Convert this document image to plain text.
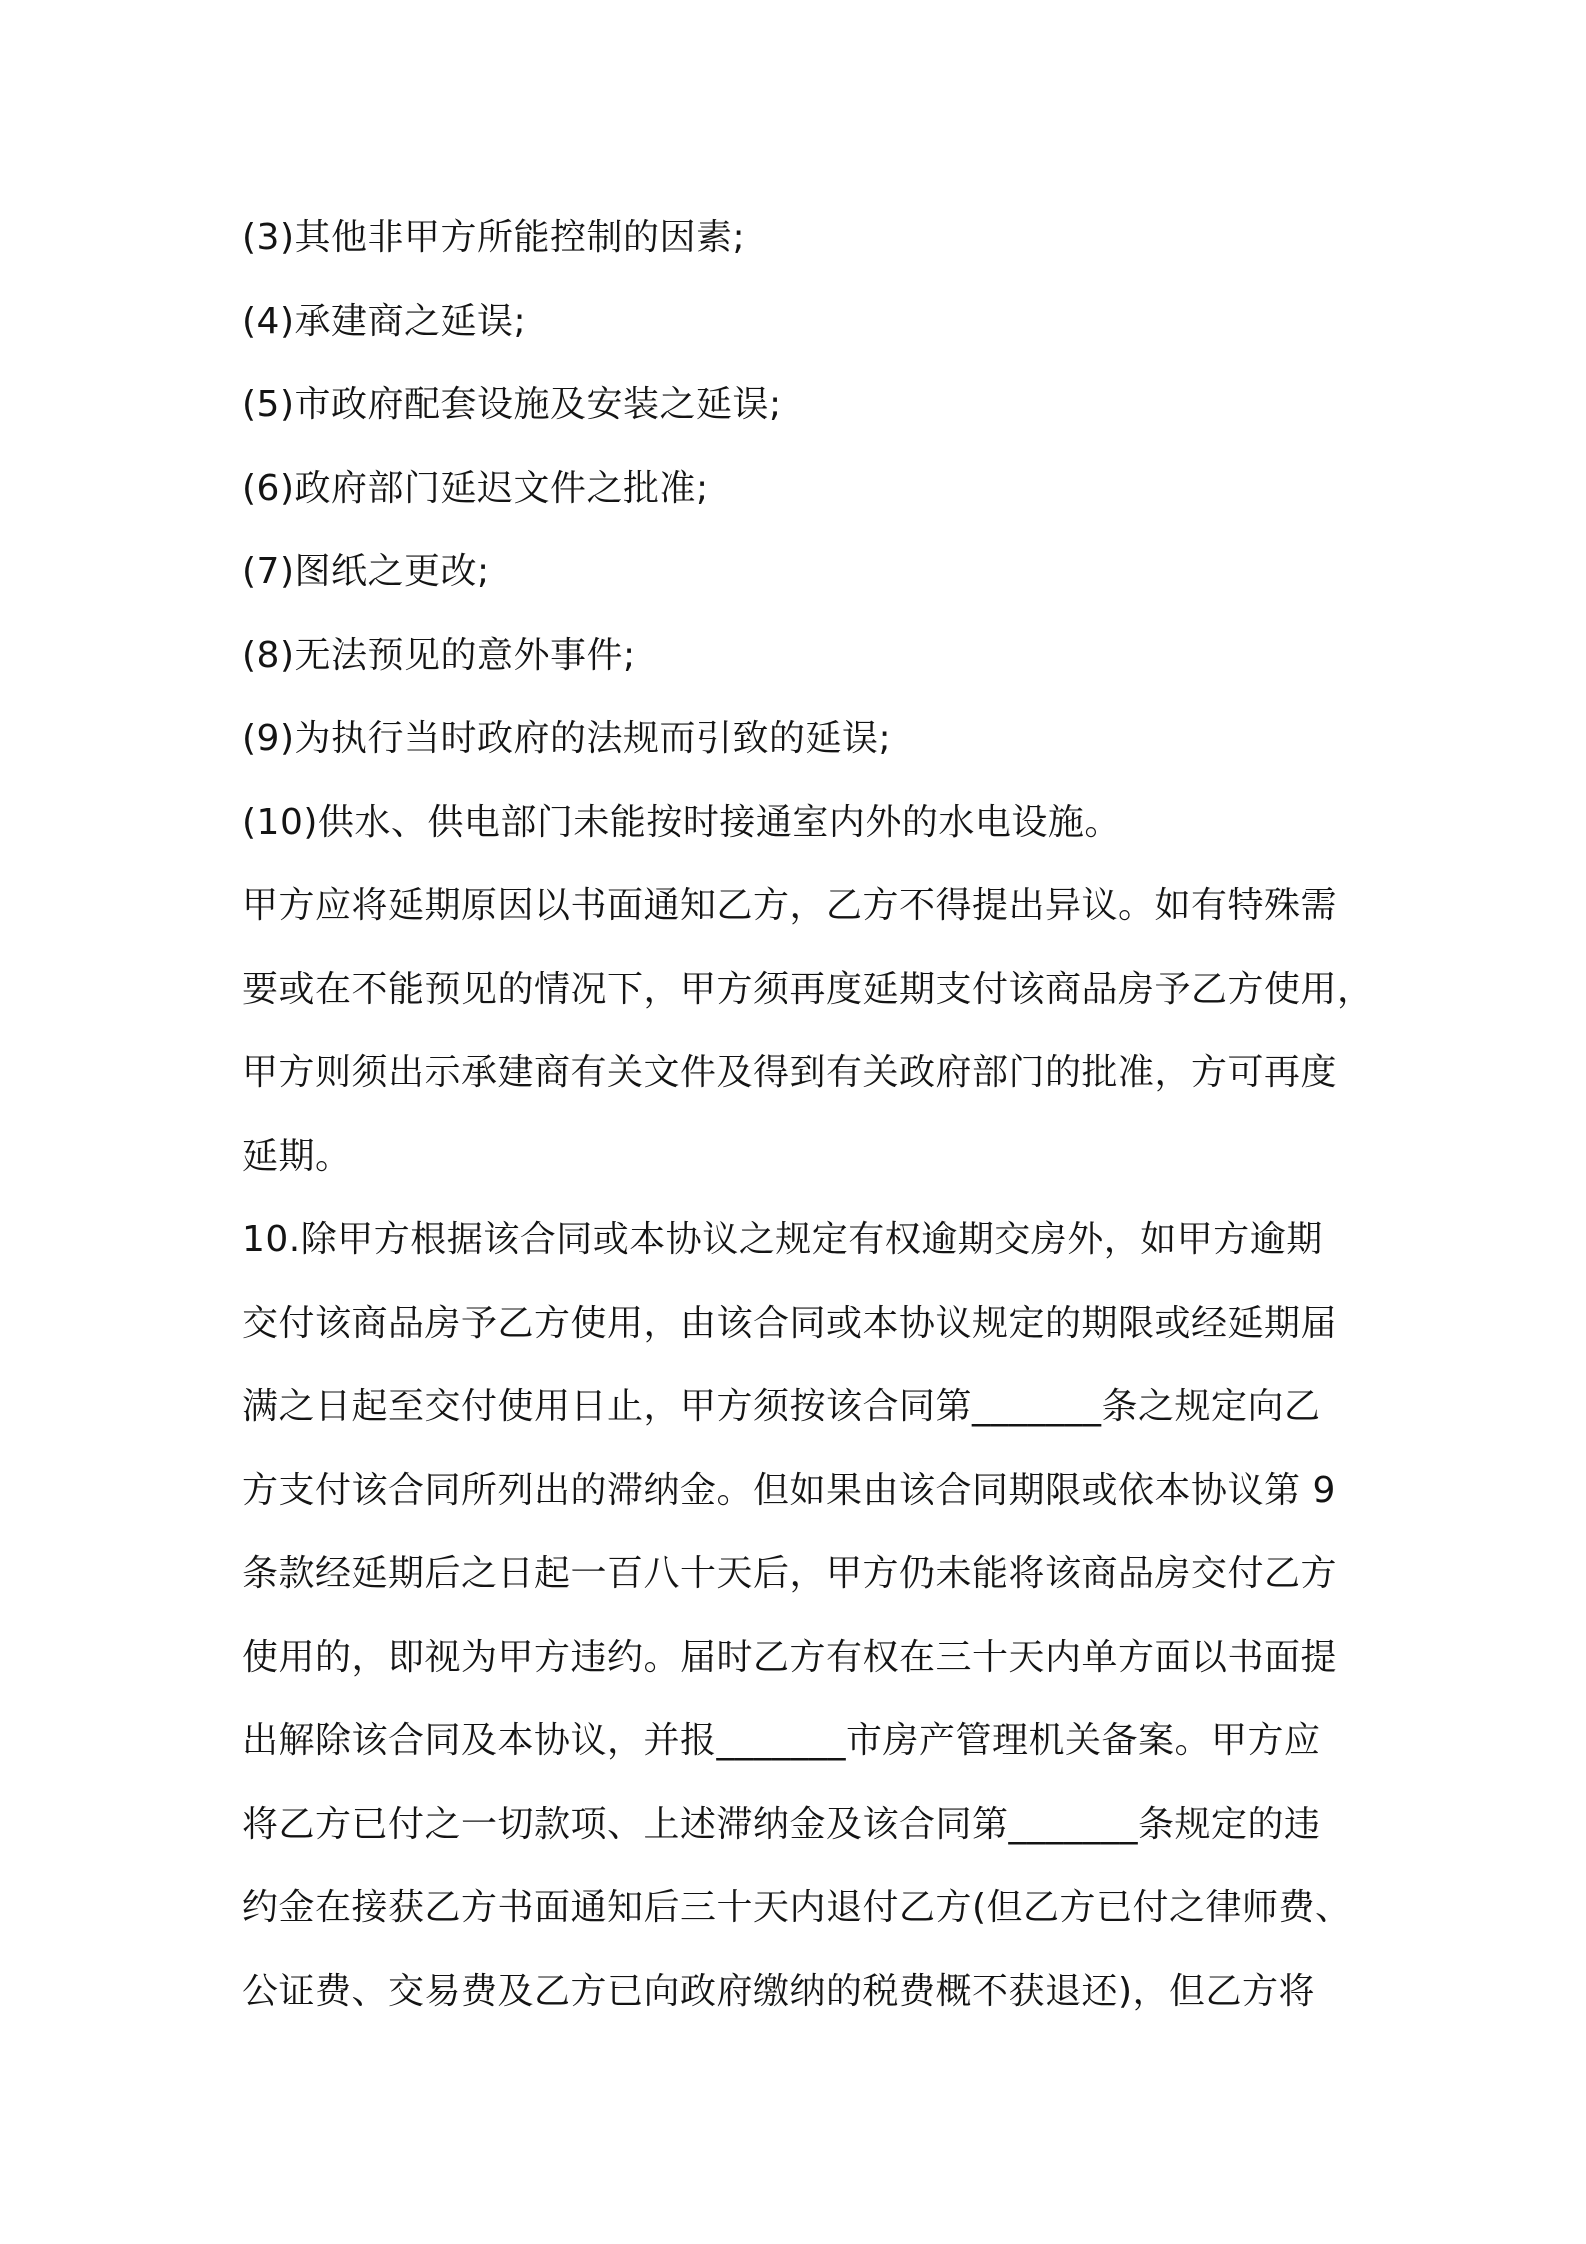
(3)其他非甲方所能控制的因素;
(4)承建商之延误;
(5)市政府配套设施及安装之延误;
(6)政府部门延迟文件之批准;
(7)图纸之更改;
(8)无法预见的意外事件;
(9)为执行当时政府的法规而引致的延误;
(10)供水、供电部门未能按时接通室内外的水电设施。
甲方应将延期原因以书面通知乙方，乙方不得提出异议。如有特殊需
要或在不能预见的情况下，甲方须再度延期支付该商品房予乙方使用，
甲方则须出示承建商有关文件及得到有关政府部门的批准，方可再度
延期。
10.除甲方根据该合同或本协议之规定有权逾期交房外，如甲方逾期
交付该商品房予乙方使用，由该合同或本协议规定的期限或经延期届
满之日起至交付使用日止，甲方须按该合同第_______条之规定向乙
方支付该合同所列出的滞纳金。但如果由该合同期限或依本协议第 9
条款经延期后之日起一百八十天后，甲方仍未能将该商品房交付乙方
使用的，即视为甲方违约。届时乙方有权在三十天内单方面以书面提
出解除该合同及本协议，并报_______市房产管理机关备案。甲方应
将乙方已付之一切款项、上述滞纳金及该合同第_______条规定的违
约金在接获乙方书面通知后三十天内退付乙方(但乙方已付之律师费、
公证费、交易费及乙方已向政府缴纳的税费概不获退还)，但乙方将
